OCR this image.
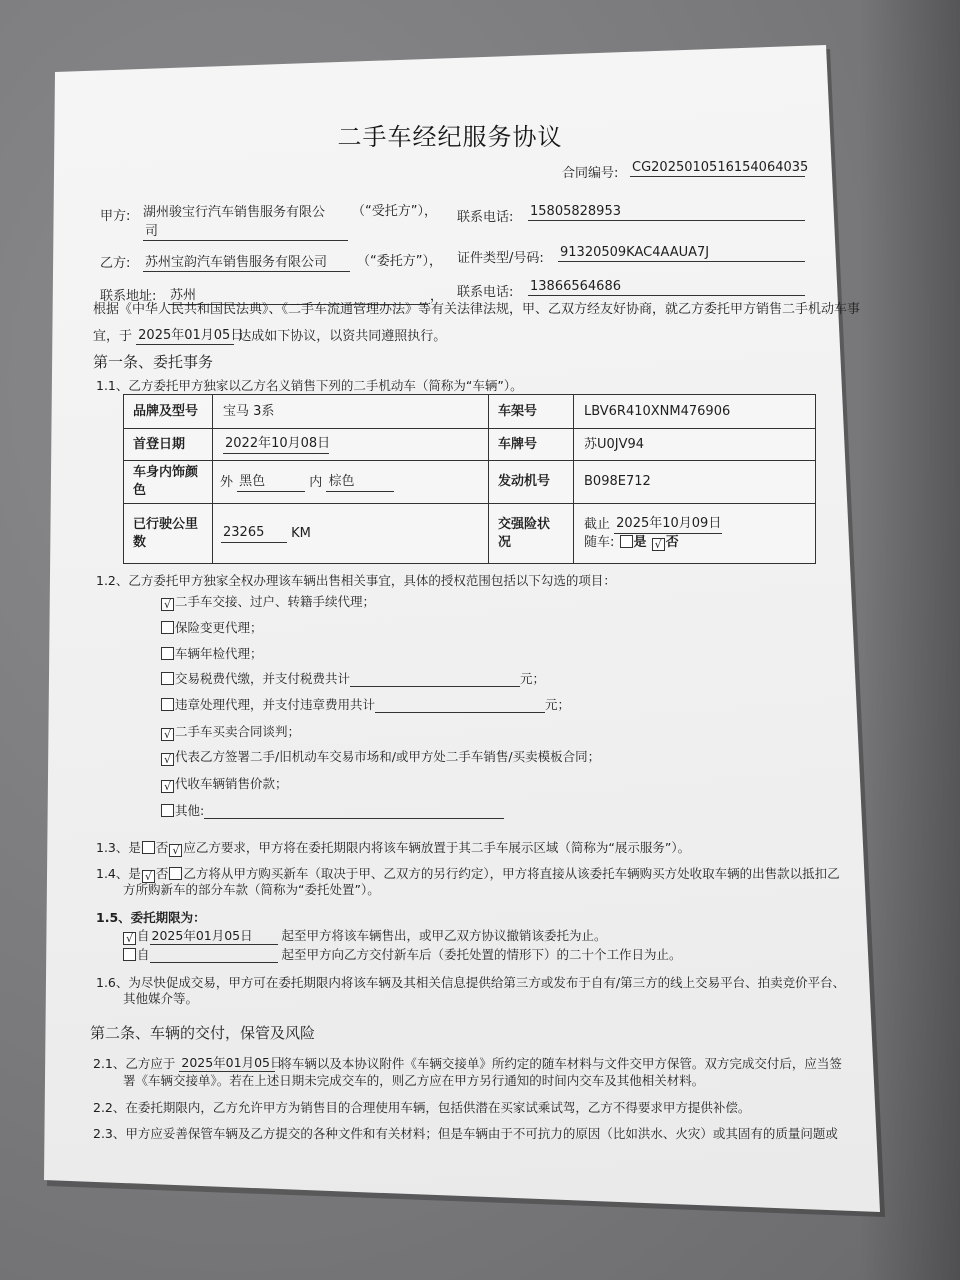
二手车经纪服务协议
合同编号: CG2025010516154064035
甲方: 湖州骏宝行汽车销售服务有限公
司
（“受托方”）， 联系电话: 15805828953
乙方: 苏州宝韵汽车销售服务有限公司	（“委托方”）， 证件类型/号码: 91320509KAC4AAUA7J
联系地址: 苏州	， 联系电话: 13866564686
根据《中华人民共和国民法典》、《二手车流通管理办法》等有关法律法规，甲、乙双方经友好协商，就乙方委托甲方销售二手机动车事
宜，于 2025年01月05日 达成如下协议，以资共同遵照执行。
第一条、委托事务
1.1、乙方委托甲方独家以乙方名义销售下列的二手机动车（简称为“车辆”）。
品牌及型号	宝马 3系	车架号	LBV6R410XNM476906
首登日期	2022年10月08日	车牌号	苏U0JV94
车身内饰颜色	外 黑色 内 棕色	发动机号	B098E712
已行驶公里数	23265 KM	交强险状况	截止 2025年10月09日
随车: 是 √ 否
1.2、乙方委托甲方独家全权办理该车辆出售相关事宜，具体的授权范围包括以下勾选的项目：
√ 二手车交接、过户、转籍手续代理；
保险变更代理；
车辆年检代理；
交易税费代缴，并支付税费共计	元；
违章处理代理，并支付违章费用共计	元；
√ 二手车买卖合同谈判；
√ 代表乙方签署二手/旧机动车交易市场和/或甲方处二手车销售/买卖模板合同；
√ 代收车辆销售价款；
其他:
1.3、是 否 √ 应乙方要求，甲方将在委托期限内将该车辆放置于其二手车展示区域（简称为“展示服务”）。
1.4、是 √ 否 乙方将从甲方购买新车（取决于甲、乙双方的另行约定），甲方将直接从该委托车辆购买方处收取车辆的出售款以抵扣乙
方所购新车的部分车款（简称为“委托处置”）。
1.5、委托期限为：
√ 自 2025年01月05日 起至甲方将该车辆售出，或甲乙双方协议撤销该委托为止。
自	起至甲方向乙方交付新车后（委托处置的情形下）的二十个工作日为止。
1.6、为尽快促成交易，甲方可在委托期限内将该车辆及其相关信息提供给第三方或发布于自有/第三方的线上交易平台、拍卖竞价平台、
其他媒介等。
第二条、车辆的交付，保管及风险
2.1、乙方应于 2025年01月05日 将车辆以及本协议附件《车辆交接单》所约定的随车材料与文件交甲方保管。双方完成交付后，应当签
署《车辆交接单》。若在上述日期未完成交车的，则乙方应在甲方另行通知的时间内交车及其他相关材料。
2.2、在委托期限内，乙方允许甲方为销售目的合理使用车辆，包括供潜在买家试乘试驾，乙方不得要求甲方提供补偿。
2.3、甲方应妥善保管车辆及乙方提交的各种文件和有关材料；但是车辆由于不可抗力的原因（比如洪水、火灾）或其固有的质量问题或
